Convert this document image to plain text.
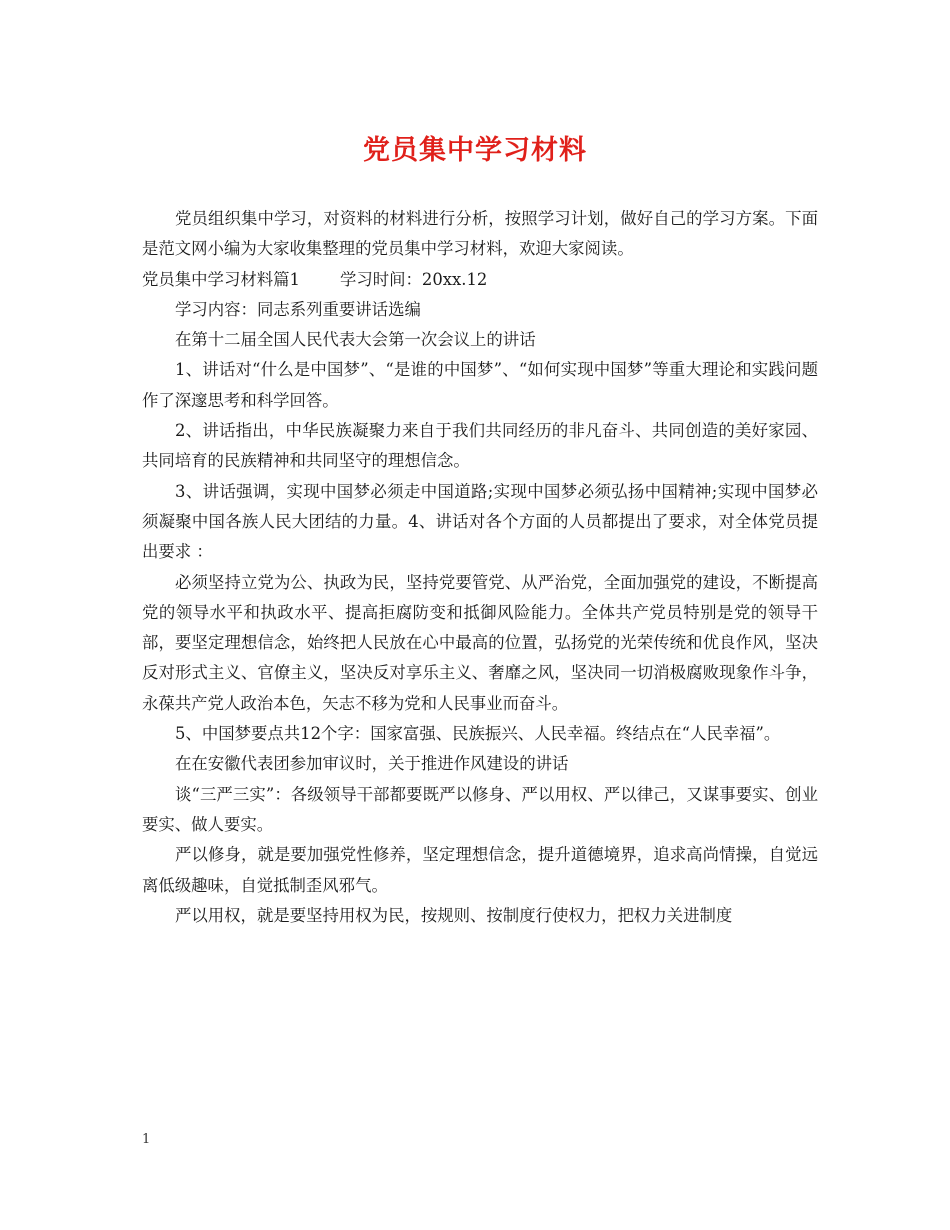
党员集中学习材料

党员组织集中学习，对资料的材料进行分析，按照学习计划，做好自己的学习方案。下面是范文网小编为大家收集整理的党员集中学习材料，欢迎大家阅读。

党员集中学习材料篇1 学习时间：20xx.12

学习内容：同志系列重要讲话选编

在第十二届全国人民代表大会第一次会议上的讲话

1、讲话对“什么是中国梦”、“是谁的中国梦”、“如何实现中国梦”等重大理论和实践问题作了深邃思考和科学回答。

2、讲话指出，中华民族凝聚力来自于我们共同经历的非凡奋斗、共同创造的美好家园、共同培育的民族精神和共同坚守的理想信念。

3、讲话强调，实现中国梦必须走中国道路;实现中国梦必须弘扬中国精神;实现中国梦必须凝聚中国各族人民大团结的力量。4、讲话对各个方面的人员都提出了要求，对全体党员提出要求 ：

必须坚持立党为公、执政为民，坚持党要管党、从严治党，全面加强党的建设，不断提高党的领导水平和执政水平、提高拒腐防变和抵御风险能力。全体共产党员特别是党的领导干部，要坚定理想信念，始终把人民放在心中最高的位置，弘扬党的光荣传统和优良作风，坚决反对形式主义、官僚主义，坚决反对享乐主义、奢靡之风，坚决同一切消极腐败现象作斗争，永葆共产党人政治本色，矢志不移为党和人民事业而奋斗。

5、中国梦要点共12个字：国家富强、民族振兴、人民幸福。终结点在“人民幸福”。

在在安徽代表团参加审议时，关于推进作风建设的讲话

谈“三严三实”：各级领导干部都要既严以修身、严以用权、严以律己，又谋事要实、创业要实、做人要实。

严以修身，就是要加强党性修养，坚定理想信念，提升道德境界，追求高尚情操，自觉远离低级趣味，自觉抵制歪风邪气。

严以用权，就是要坚持用权为民，按规则、按制度行使权力，把权力关进制度

1
